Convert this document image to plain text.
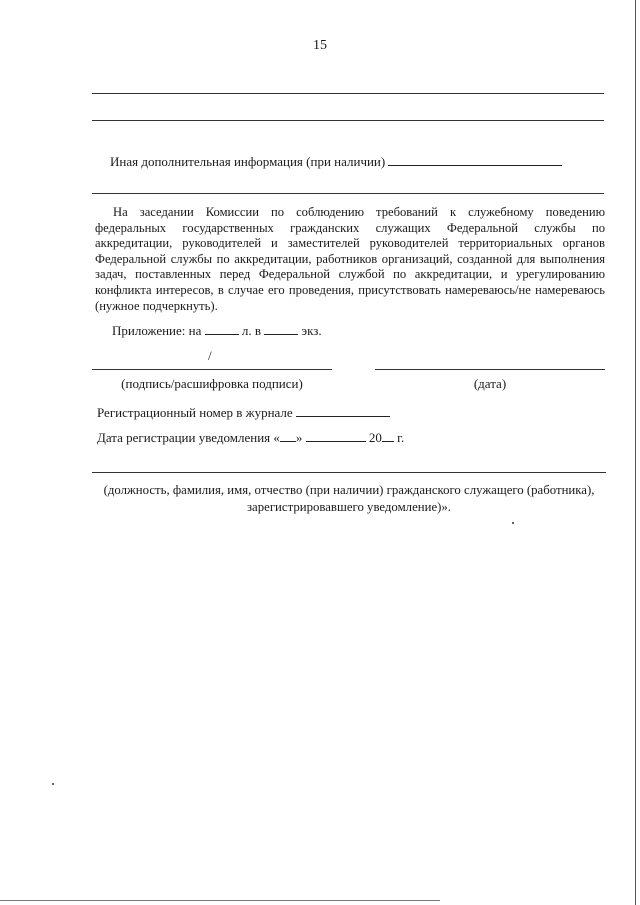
15
Иная дополнительная информация (при наличии)
На заседании Комиссии по соблюдению требований к служебному поведению федеральных государственных гражданских служащих Федеральной службы по аккредитации, руководителей и заместителей руководителей территориальных органов Федеральной службы по аккредитации, работников организаций, созданной для выполнения задач, поставленных перед Федеральной службой по аккредитации, и урегулированию конфликта интересов, в случае его проведения, присутствовать намереваюсь/не намереваюсь (нужное подчеркнуть).
Приложение: на	л. в	экз.
/
(подпись/расшифровка подписи)	(дата)
Регистрационный номер в журнале
Дата регистрации уведомления « »	20 г.
(должность, фамилия, имя, отчество (при наличии) гражданского служащего (работника), зарегистрировавшего уведомление)».
